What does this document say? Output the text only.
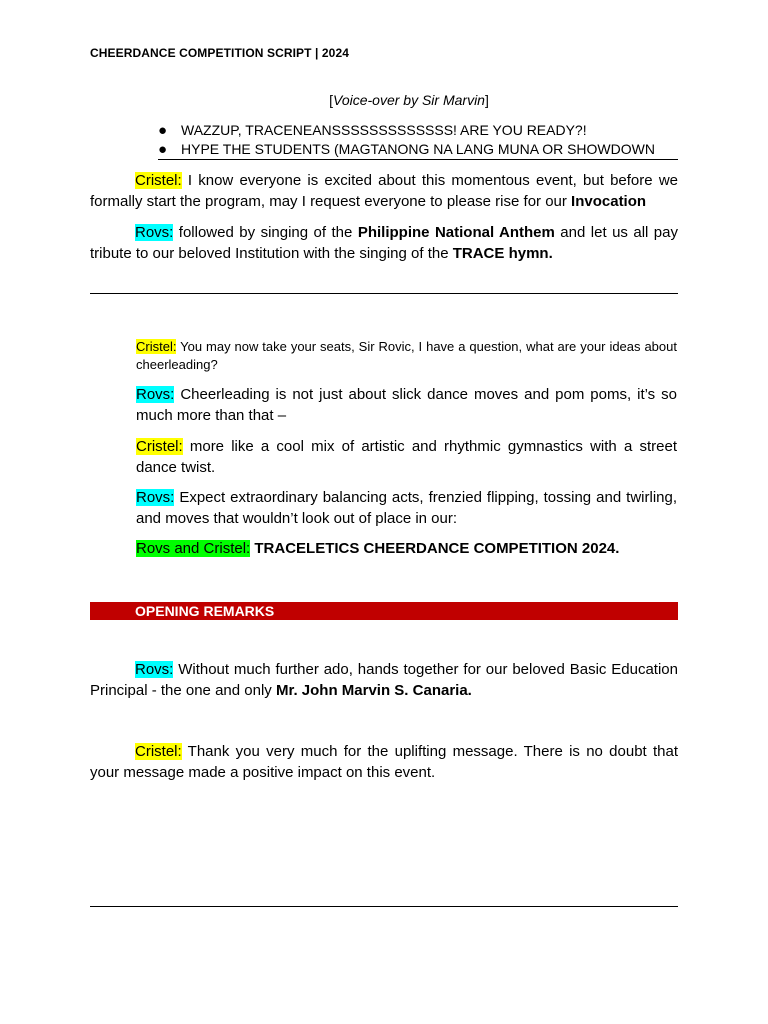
CHEERDANCE COMPETITION SCRIPT | 2024
[Voice-over by Sir Marvin]
● WAZZUP, TRACENEANSSSSSSSSSSSSS! ARE YOU READY?!
● HYPE THE STUDENTS (MAGTANONG NA LANG MUNA OR SHOWDOWN
Cristel: I know everyone is excited about this momentous event, but before we formally start the program, may I request everyone to please rise for our Invocation
Rovs: followed by singing of the Philippine National Anthem and let us all pay tribute to our beloved Institution with the singing of the TRACE hymn.
Cristel: You may now take your seats, Sir Rovic, I have a question, what are your ideas about cheerleading?
Rovs: Cheerleading is not just about slick dance moves and pom poms, it’s so much more than that –
Cristel: more like a cool mix of artistic and rhythmic gymnastics with a street dance twist.
Rovs: Expect extraordinary balancing acts, frenzied flipping, tossing and twirling, and moves that wouldn’t look out of place in our:
Rovs and Cristel: TRACELETICS CHEERDANCE COMPETITION 2024.
OPENING REMARKS
Rovs: Without much further ado, hands together for our beloved Basic Education Principal - the one and only Mr. John Marvin S. Canaria.
Cristel: Thank you very much for the uplifting message. There is no doubt that your message made a positive impact on this event.
